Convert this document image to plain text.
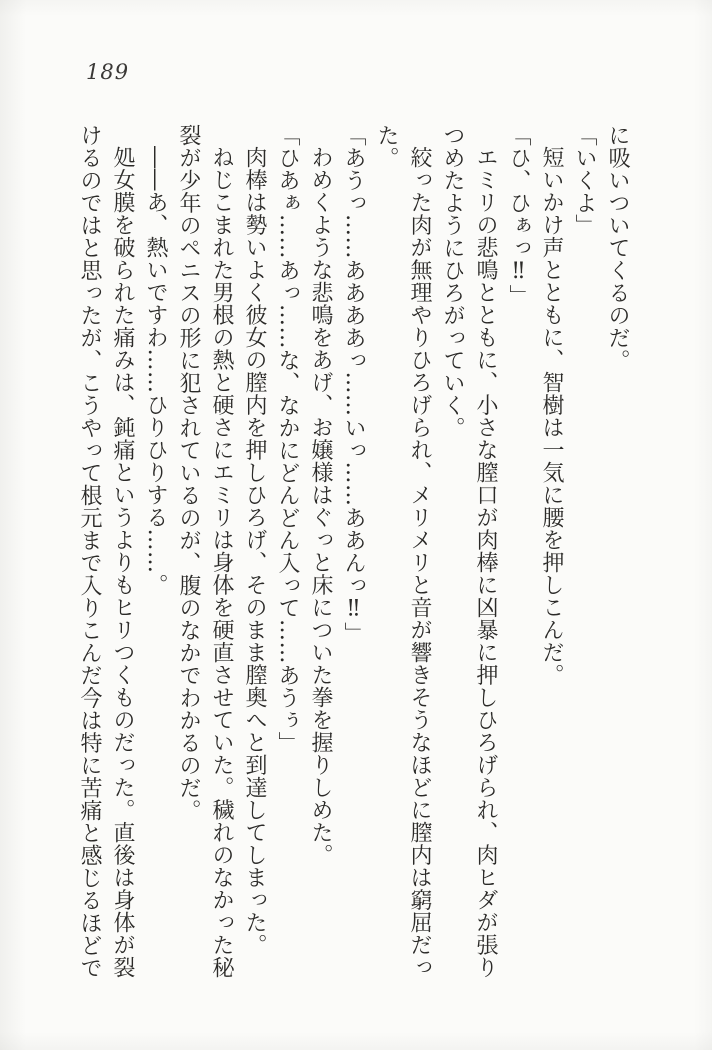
189

に吸いついてくるのだ。

「いくよ」

短いかけ声とともに、智樹は一気に腰を押しこんだ。

「ひ、ひぁっ‼」

エミリの悲鳴とともに、小さな膣口が肉棒に凶暴に押しひろげられ、肉ヒダが張り

つめたようにひろがっていく。

絞った肉が無理やりひろげられ、メリメリと音が響きそうなほどに膣内は窮屈だっ

た。

「あうっ……ああああっ……いっ……ああんっ‼」

わめくような悲鳴をあげ、お嬢様はぐっと床についた拳を握りしめた。

「ひあぁ……あっ……な、なかにどんどん入って……あうぅ」

肉棒は勢いよく彼女の膣内を押しひろげ、そのまま膣奥へと到達してしまった。

ねじこまれた男根の熱と硬さにエミリは身体を硬直させていた。穢れのなかった秘

裂が少年のペニスの形に犯されているのが、腹のなかでわかるのだ。

――あ、熱いですわ……ひりひりする……。

処女膜を破られた痛みは、鈍痛というよりもヒリつくものだった。直後は身体が裂

けるのではと思ったが、こうやって根元まで入りこんだ今は特に苦痛と感じるほどで
